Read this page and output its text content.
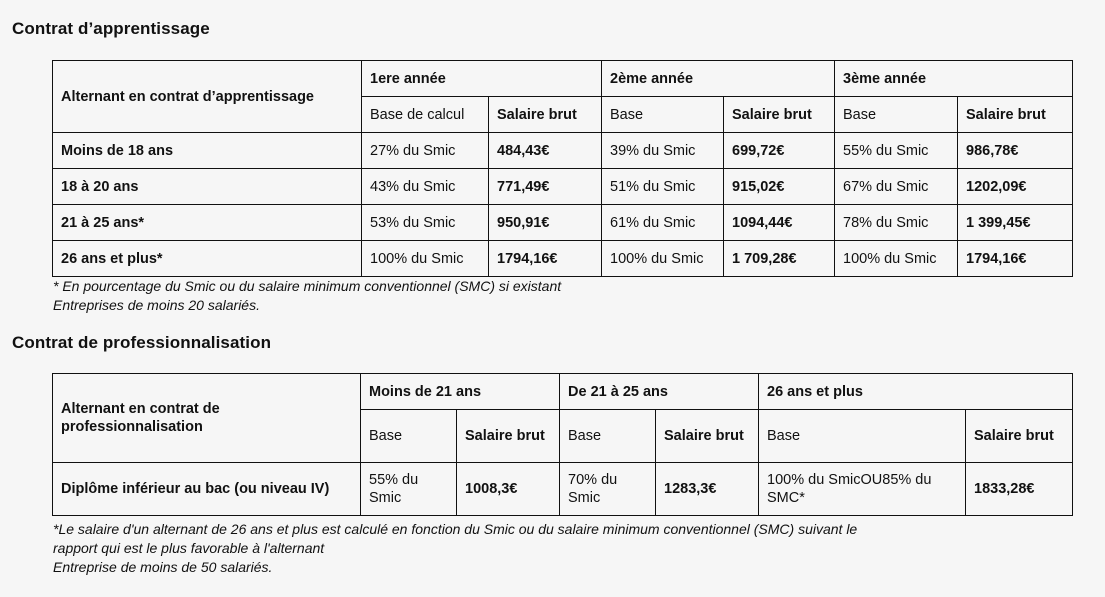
Contrat d’apprentissage
Alternant en contrat d’apprentissage	1ere année		2ème année		3ème année	
	Base de calcul	Salaire brut	Base	Salaire brut	Base	Salaire brut
Moins de 18 ans	27% du Smic	484,43€	39% du Smic	699,72€	55% du Smic	986,78€
18 à 20 ans	43% du Smic	771,49€	51% du Smic	915,02€	67% du Smic	1202,09€
21 à 25 ans*	53% du Smic	950,91€	61% du Smic	1094,44€	78% du Smic	1 399,45€
26 ans et plus*	100% du Smic	1794,16€	100% du Smic	1 709,28€	100% du Smic	1794,16€
* En pourcentage du Smic ou du salaire minimum conventionnel (SMC) si existant
Entreprises de moins 20 salariés.
Contrat de professionnalisation
Alternant en contrat de professionnalisation	Moins de 21 ans		De 21 à 25 ans		26 ans et plus	
	Base	Salaire brut	Base	Salaire brut	Base	Salaire brut
Diplôme inférieur au bac (ou niveau IV)	55% du Smic	1008,3€	70% du Smic	1283,3€	100% du SmicOU85% du SMC*	1833,28€
*Le salaire d'un alternant de 26 ans et plus est calculé en fonction du Smic ou du salaire minimum conventionnel (SMC) suivant le
rapport qui est le plus favorable à l'alternant
Entreprise de moins de 50 salariés.
